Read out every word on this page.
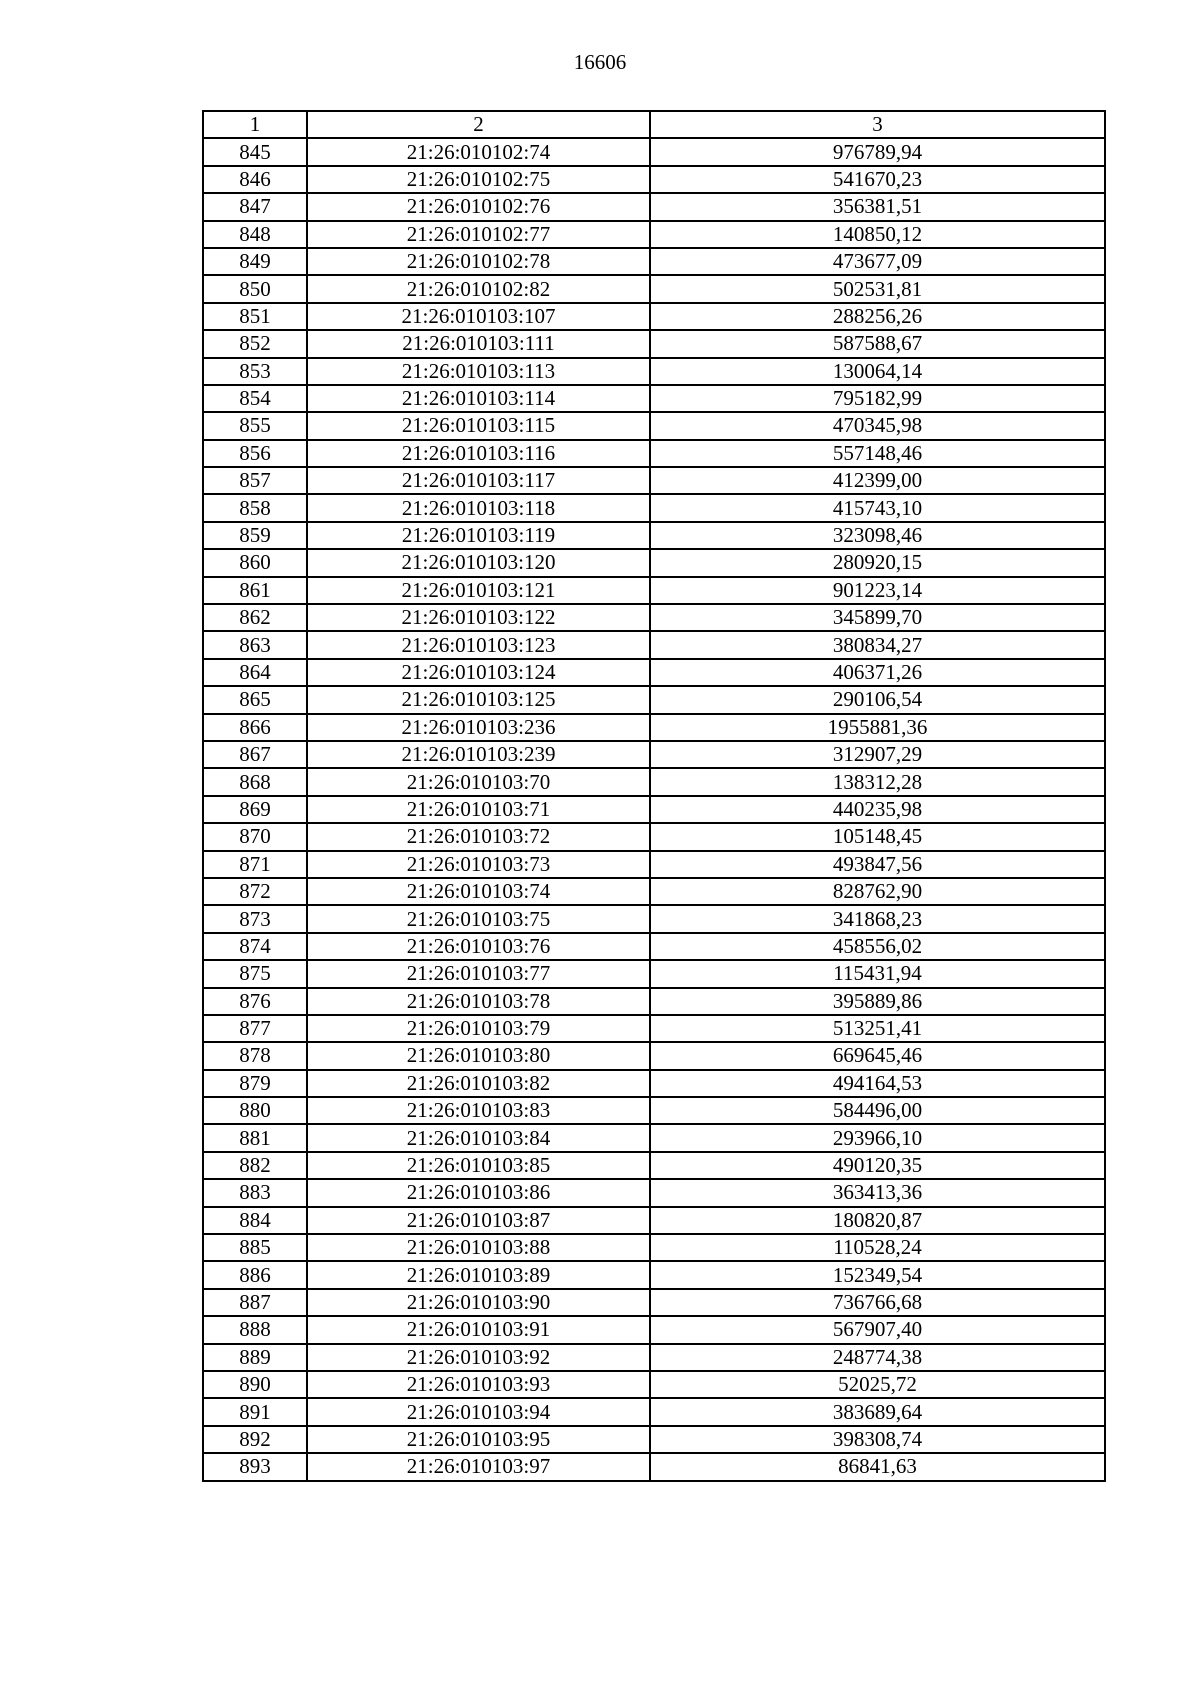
16606
1	2	3
845	21:26:010102:74	976789,94
846	21:26:010102:75	541670,23
847	21:26:010102:76	356381,51
848	21:26:010102:77	140850,12
849	21:26:010102:78	473677,09
850	21:26:010102:82	502531,81
851	21:26:010103:107	288256,26
852	21:26:010103:111	587588,67
853	21:26:010103:113	130064,14
854	21:26:010103:114	795182,99
855	21:26:010103:115	470345,98
856	21:26:010103:116	557148,46
857	21:26:010103:117	412399,00
858	21:26:010103:118	415743,10
859	21:26:010103:119	323098,46
860	21:26:010103:120	280920,15
861	21:26:010103:121	901223,14
862	21:26:010103:122	345899,70
863	21:26:010103:123	380834,27
864	21:26:010103:124	406371,26
865	21:26:010103:125	290106,54
866	21:26:010103:236	1955881,36
867	21:26:010103:239	312907,29
868	21:26:010103:70	138312,28
869	21:26:010103:71	440235,98
870	21:26:010103:72	105148,45
871	21:26:010103:73	493847,56
872	21:26:010103:74	828762,90
873	21:26:010103:75	341868,23
874	21:26:010103:76	458556,02
875	21:26:010103:77	115431,94
876	21:26:010103:78	395889,86
877	21:26:010103:79	513251,41
878	21:26:010103:80	669645,46
879	21:26:010103:82	494164,53
880	21:26:010103:83	584496,00
881	21:26:010103:84	293966,10
882	21:26:010103:85	490120,35
883	21:26:010103:86	363413,36
884	21:26:010103:87	180820,87
885	21:26:010103:88	110528,24
886	21:26:010103:89	152349,54
887	21:26:010103:90	736766,68
888	21:26:010103:91	567907,40
889	21:26:010103:92	248774,38
890	21:26:010103:93	52025,72
891	21:26:010103:94	383689,64
892	21:26:010103:95	398308,74
893	21:26:010103:97	86841,63
